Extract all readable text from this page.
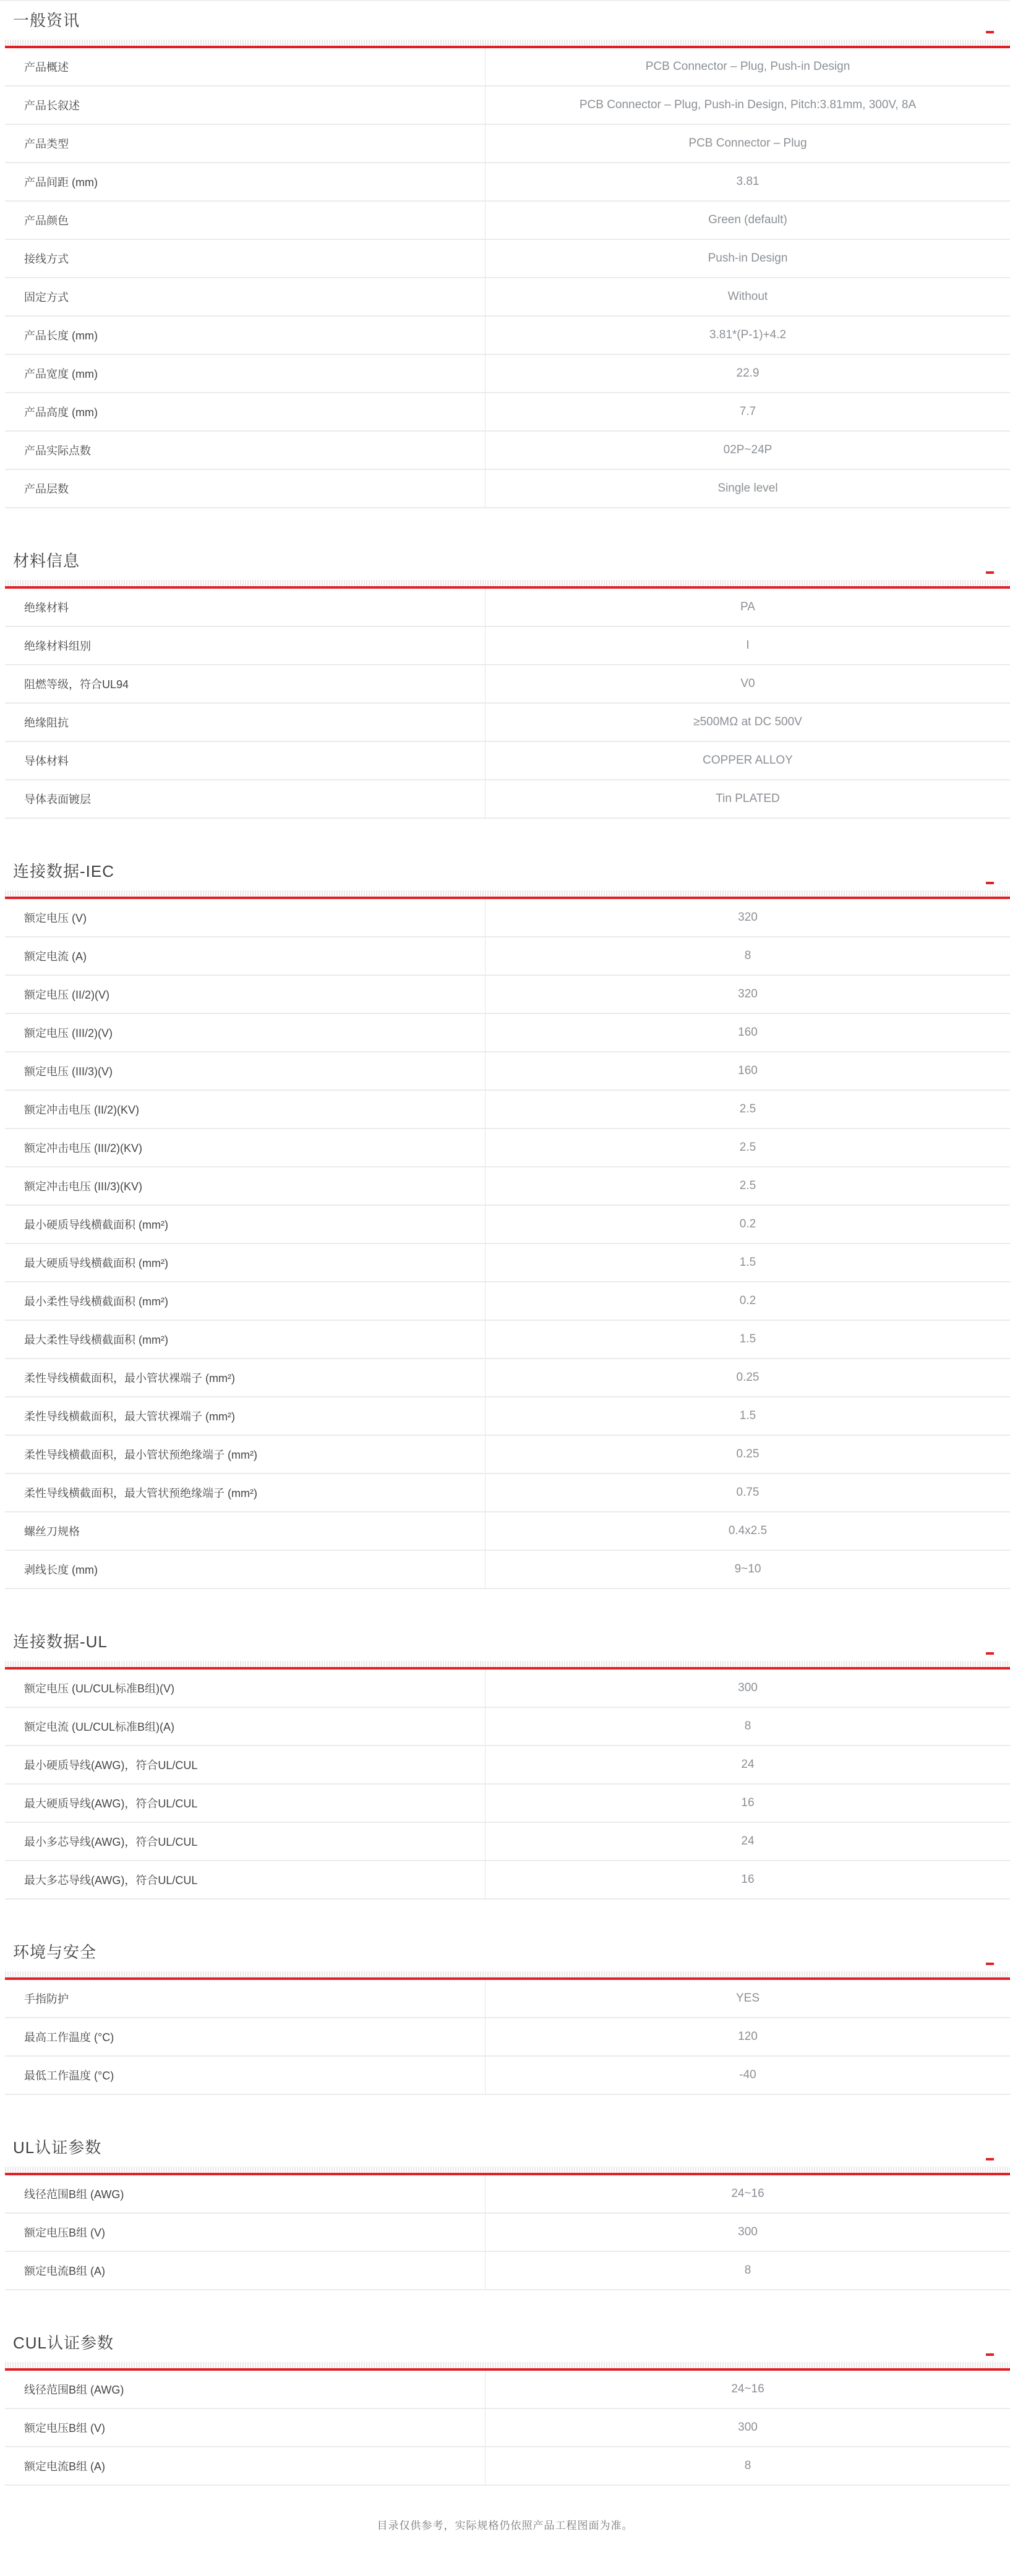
一般资讯
产品概述	PCB Connector – Plug, Push-in Design
产品长叙述	PCB Connector – Plug, Push-in Design, Pitch:3.81mm, 300V, 8A
产品类型	PCB Connector – Plug
产品间距 (mm)	3.81
产品颜色	Green (default)
接线方式	Push-in Design
固定方式	Without
产品长度 (mm)	3.81*(P-1)+4.2
产品宽度 (mm)	22.9
产品高度 (mm)	7.7
产品实际点数	02P~24P
产品层数	Single level
材料信息
绝缘材料	PA
绝缘材料组别	I
阻燃等级，符合UL94	V0
绝缘阻抗	≥500MΩ at DC 500V
导体材料	COPPER ALLOY
导体表面镀层	Tin PLATED
连接数据-IEC
额定电压 (V)	320
额定电流 (A)	8
额定电压 (II/2)(V)	320
额定电压 (III/2)(V)	160
额定电压 (III/3)(V)	160
额定冲击电压 (II/2)(KV)	2.5
额定冲击电压 (III/2)(KV)	2.5
额定冲击电压 (III/3)(KV)	2.5
最小硬质导线横截面积 (mm²)	0.2
最大硬质导线横截面积 (mm²)	1.5
最小柔性导线横截面积 (mm²)	0.2
最大柔性导线横截面积 (mm²)	1.5
柔性导线横截面积，最小管状裸端子 (mm²)	0.25
柔性导线横截面积，最大管状裸端子 (mm²)	1.5
柔性导线横截面积，最小管状预绝缘端子 (mm²)	0.25
柔性导线横截面积，最大管状预绝缘端子 (mm²)	0.75
螺丝刀规格	0.4x2.5
剥线长度 (mm)	9~10
连接数据-UL
额定电压 (UL/CUL标准B组)(V)	300
额定电流 (UL/CUL标准B组)(A)	8
最小硬质导线(AWG)，符合UL/CUL	24
最大硬质导线(AWG)，符合UL/CUL	16
最小多芯导线(AWG)，符合UL/CUL	24
最大多芯导线(AWG)，符合UL/CUL	16
环境与安全
手指防护	YES
最高工作温度 (°C)	120
最低工作温度 (°C)	-40
UL认证参数
线径范围B组 (AWG)	24~16
额定电压B组 (V)	300
额定电流B组 (A)	8
CUL认证参数
线径范围B组 (AWG)	24~16
额定电压B组 (V)	300
额定电流B组 (A)	8
目录仅供参考，实际规格仍依照产品工程图面为准。
